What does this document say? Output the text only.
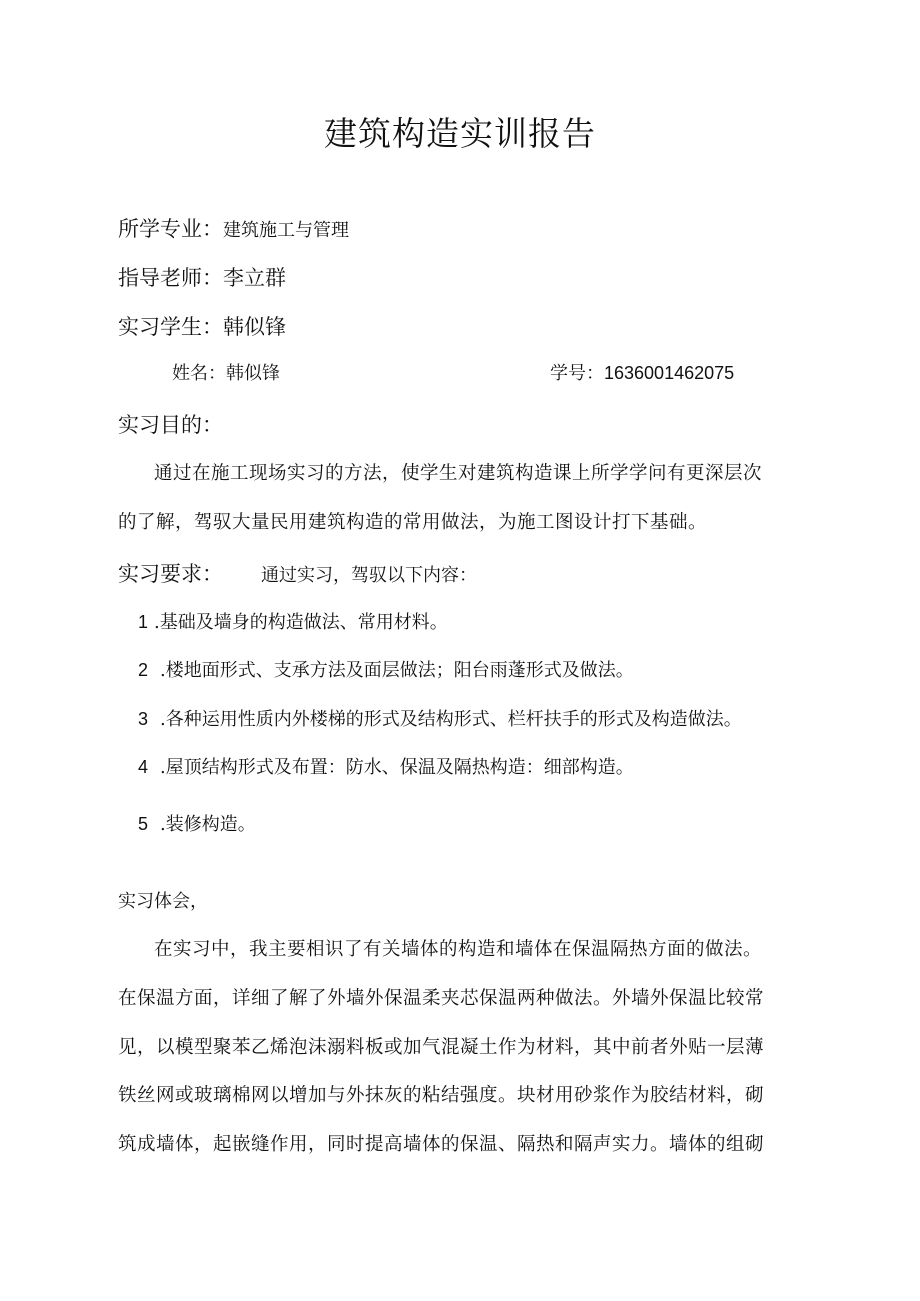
建筑构造实训报告
所学专业：建筑施工与管理
指导老师：李立群
实习学生：韩似锋
姓名：韩似锋	学号：1636001462075
实习目的：
通过在施工现场实习的方法，使学生对建筑构造课上所学学问有更深层次
的了解，驾驭大量民用建筑构造的常用做法，为施工图设计打下基础。
实习要求： 通过实习，驾驭以下内容：
1 .基础及墙身的构造做法、常用材料。
2 .楼地面形式、支承方法及面层做法；阳台雨蓬形式及做法。
3 .各种运用性质内外楼梯的形式及结构形式、栏杆扶手的形式及构造做法。
4 .屋顶结构形式及布置：防水、保温及隔热构造：细部构造。
5 .装修构造。
实习体会，
在实习中，我主要相识了有关墙体的构造和墙体在保温隔热方面的做法。
在保温方面，详细了解了外墙外保温柔夹芯保温两种做法。外墙外保温比较常
见，以模型聚苯乙烯泡沫溺料板或加气混凝土作为材料，其中前者外贴一层薄
铁丝网或玻璃棉网以增加与外抹灰的粘结强度。块材用砂浆作为胶结材料，砌
筑成墙体，起嵌缝作用，同时提高墙体的保温、隔热和隔声实力。墙体的组砌
